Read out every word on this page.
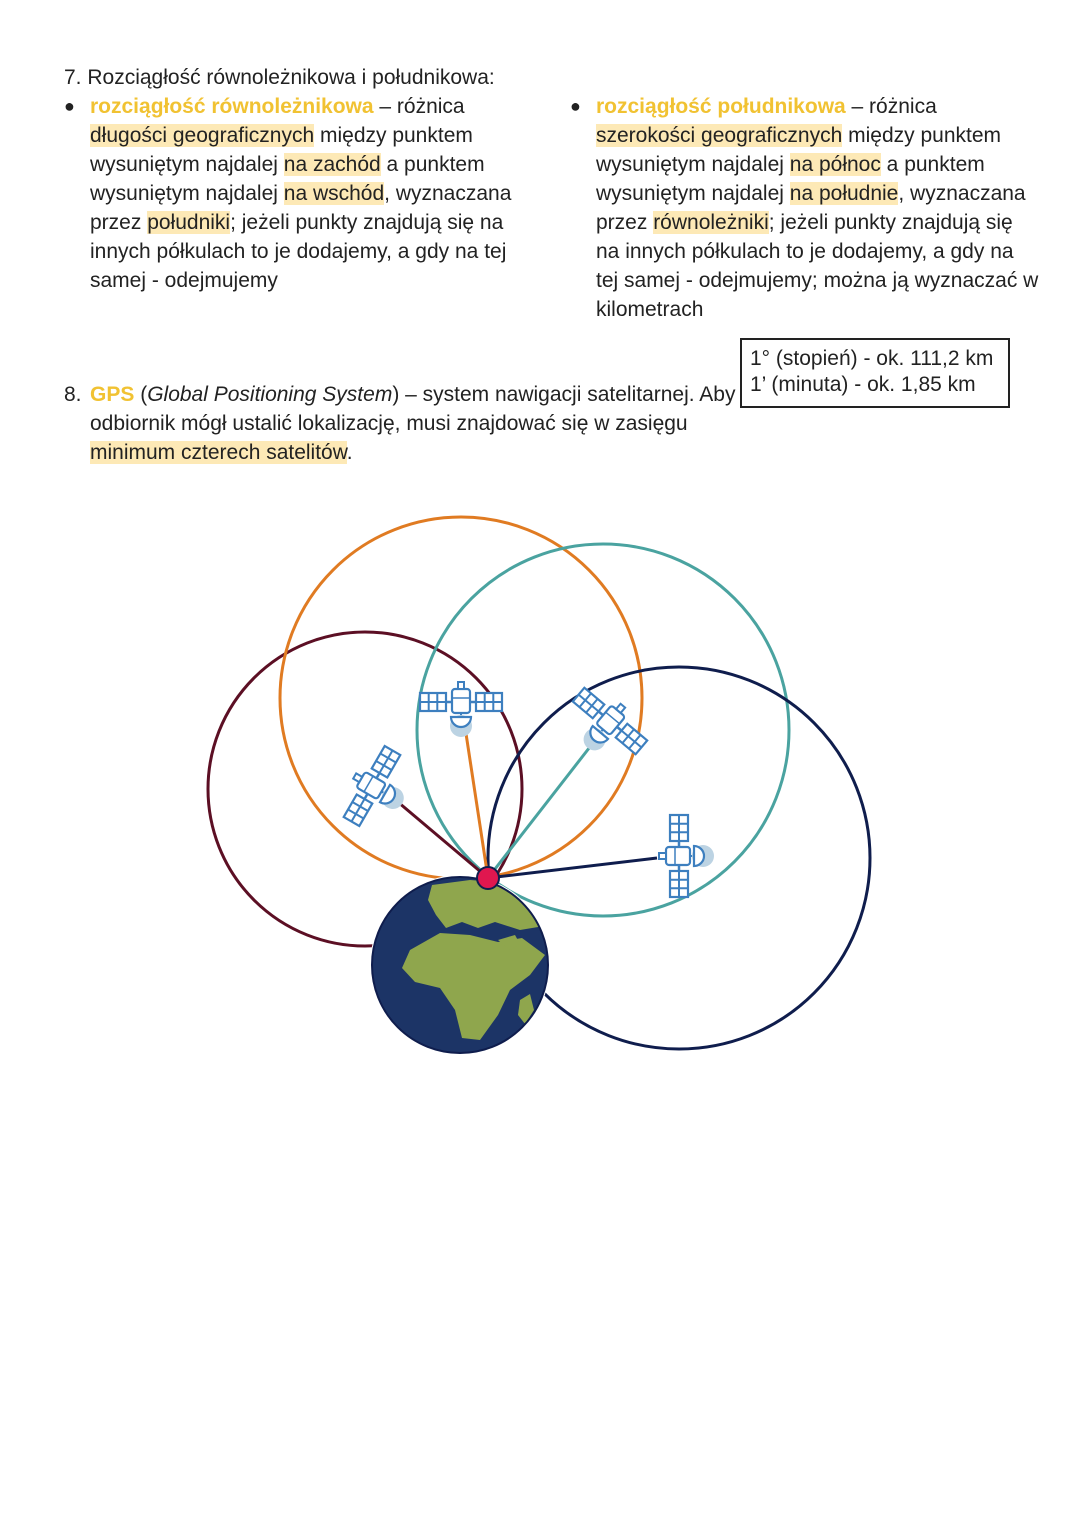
7. Rozciągłość równoleżnikowa i południkowa:
● rozciągłość równoleżnikowa – różnica długości geograficznych między punktem wysuniętym najdalej na zachód a punktem wysuniętym najdalej na wschód, wyznaczana przez południki; jeżeli punkty znajdują się na innych półkulach to je dodajemy, a gdy na tej samej - odejmujemy
● rozciągłość południkowa – różnica szerokości geograficznych między punktem wysuniętym najdalej na północ a punktem wysuniętym najdalej na południe, wyznaczana przez równoleżniki; jeżeli punkty znajdują się na innych półkulach to je dodajemy, a gdy na tej samej - odejmujemy; można ją wyznaczać w kilometrach
1° (stopień) - ok. 111,2 km
1’ (minuta) - ok. 1,85 km
8. GPS (Global Positioning System) – system nawigacji satelitarnej. Aby odbiornik mógł ustalić lokalizację, musi znajdować się w zasięgu minimum czterech satelitów.
